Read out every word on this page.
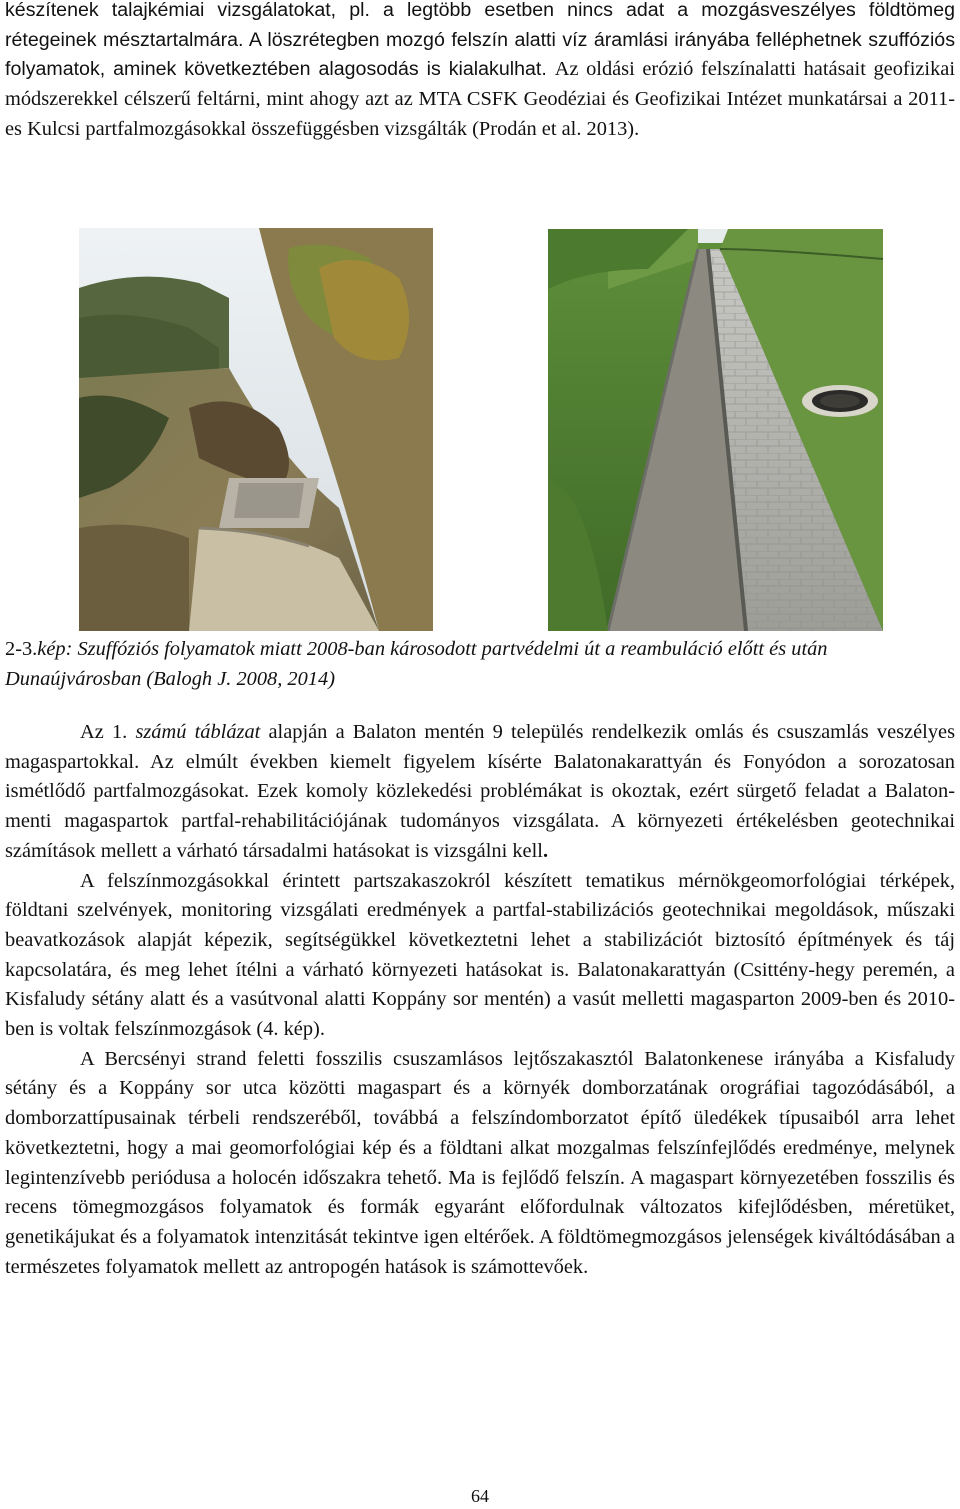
készítenek talajkémiai vizsgálatokat, pl. a legtöbb esetben nincs adat a mozgásveszélyes földtömeg rétegeinek mésztartalmára. A löszrétegben mozgó felszín alatti víz áramlási irányába felléphetnek szuffóziós folyamatok, aminek következtében alagosodás is kialakulhat. Az oldási erózió felszínalatti hatásait geofizikai módszerekkel célszerű feltárni, mint ahogy azt az MTA CSFK Geodéziai és Geofizikai Intézet munkatársai a 2011-es Kulcsi partfalmozgásokkal összefüggésben vizsgálták (Prodán et al. 2013).

2-3.kép: Szuffóziós folyamatok miatt 2008-ban károsodott partvédelmi út a reambuláció előtt és után Dunaújvárosban (Balogh J. 2008, 2014)

Az 1. számú táblázat alapján a Balaton mentén 9 település rendelkezik omlás és csuszamlás veszélyes magaspartokkal. Az elmúlt években kiemelt figyelem kísérte Balatonakarattyán és Fonyódon a sorozatosan ismétlődő partfalmozgásokat. Ezek komoly közlekedési problémákat is okoztak, ezért sürgető feladat a Balaton-menti magaspartok partfal-rehabilitációjának tudományos vizsgálata. A környezeti értékelésben geotechnikai számítások mellett a várható társadalmi hatásokat is vizsgálni kell.

A felszínmozgásokkal érintett partszakaszokról készített tematikus mérnökgeomorfológiai térképek, földtani szelvények, monitoring vizsgálati eredmények a partfal-stabilizációs geotechnikai megoldások, műszaki beavatkozások alapját képezik, segítségükkel következtetni lehet a stabilizációt biztosító építmények és táj kapcsolatára, és meg lehet ítélni a várható környezeti hatásokat is. Balatonakarattyán (Csittény-hegy peremén, a Kisfaludy sétány alatt és a vasútvonal alatti Koppány sor mentén) a vasút melletti magasparton 2009-ben és 2010-ben is voltak felszínmozgások (4. kép).

A Bercsényi strand feletti fosszilis csuszamlásos lejtőszakasztól Balatonkenese irányába a Kisfaludy sétány és a Koppány sor utca közötti magaspart és a környék domborzatának orográfiai tagozódásából, a domborzattípusainak térbeli rendszeréből, továbbá a felszíndomborzatot építő üledékek típusaiból arra lehet következtetni, hogy a mai geomorfológiai kép és a földtani alkat mozgalmas felszínfejlődés eredménye, melynek legintenzívebb periódusa a holocén időszakra tehető. Ma is fejlődő felszín. A magaspart környezetében fosszilis és recens tömegmozgásos folyamatok és formák egyaránt előfordulnak változatos kifejlődésben, méretüket, genetikájukat és a folyamatok intenzitását tekintve igen eltérőek. A földtömegmozgásos jelenségek kiváltódásában a természetes folyamatok mellett az antropogén hatások is számottevőek.

64
